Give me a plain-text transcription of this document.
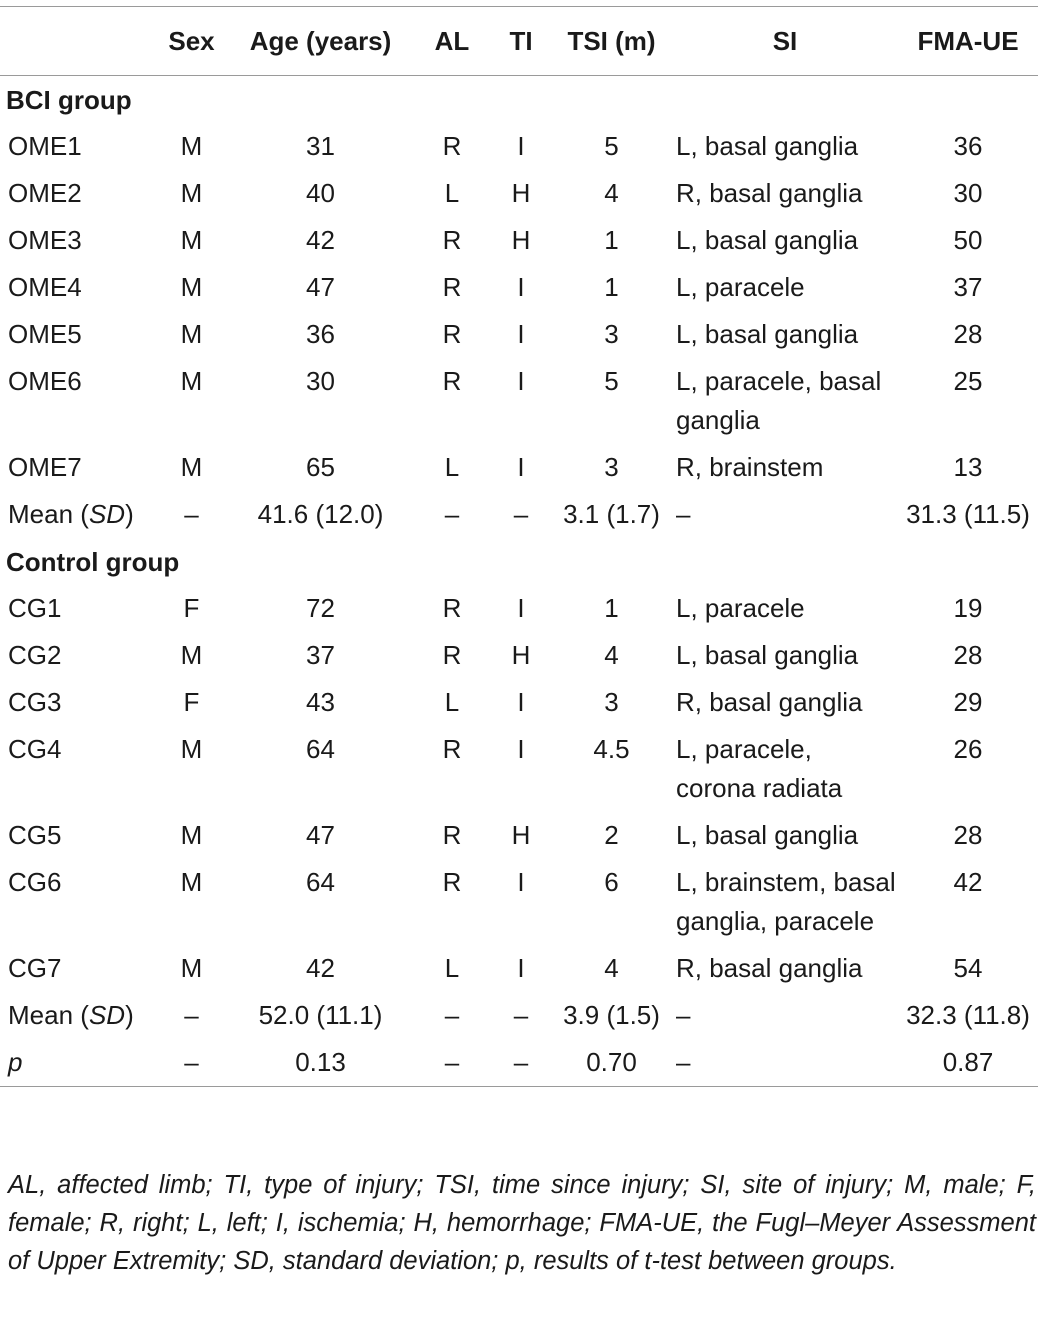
	Sex	Age (years)	AL	TI	TSI (m)	SI	FMA-UE
BCI group							
OME1	M	31	R	I	5	L, basal ganglia	36
OME2	M	40	L	H	4	R, basal ganglia	30
OME3	M	42	R	H	1	L, basal ganglia	50
OME4	M	47	R	I	1	L, paracele	37
OME5	M	36	R	I	3	L, basal ganglia	28
OME6	M	30	R	I	5	L, paracele, basal ganglia	25
OME7	M	65	L	I	3	R, brainstem	13
Mean (SD)	–	41.6 (12.0)	–	–	3.1 (1.7)	–	31.3 (11.5)
Control group							
CG1	F	72	R	I	1	L, paracele	19
CG2	M	37	R	H	4	L, basal ganglia	28
CG3	F	43	L	I	3	R, basal ganglia	29
CG4	M	64	R	I	4.5	L, paracele, corona radiata	26
CG5	M	47	R	H	2	L, basal ganglia	28
CG6	M	64	R	I	6	L, brainstem, basal ganglia, paracele	42
CG7	M	42	L	I	4	R, basal ganglia	54
Mean (SD)	–	52.0 (11.1)	–	–	3.9 (1.5)	–	32.3 (11.8)
p	–	0.13	–	–	0.70	–	0.87
AL, affected limb; TI, type of injury; TSI, time since injury; SI, site of injury; M, male; F, female; R, right; L, left; I, ischemia; H, hemorrhage; FMA-UE, the Fugl–Meyer Assessment of Upper Extremity; SD, standard deviation; p, results of t-test between groups.
